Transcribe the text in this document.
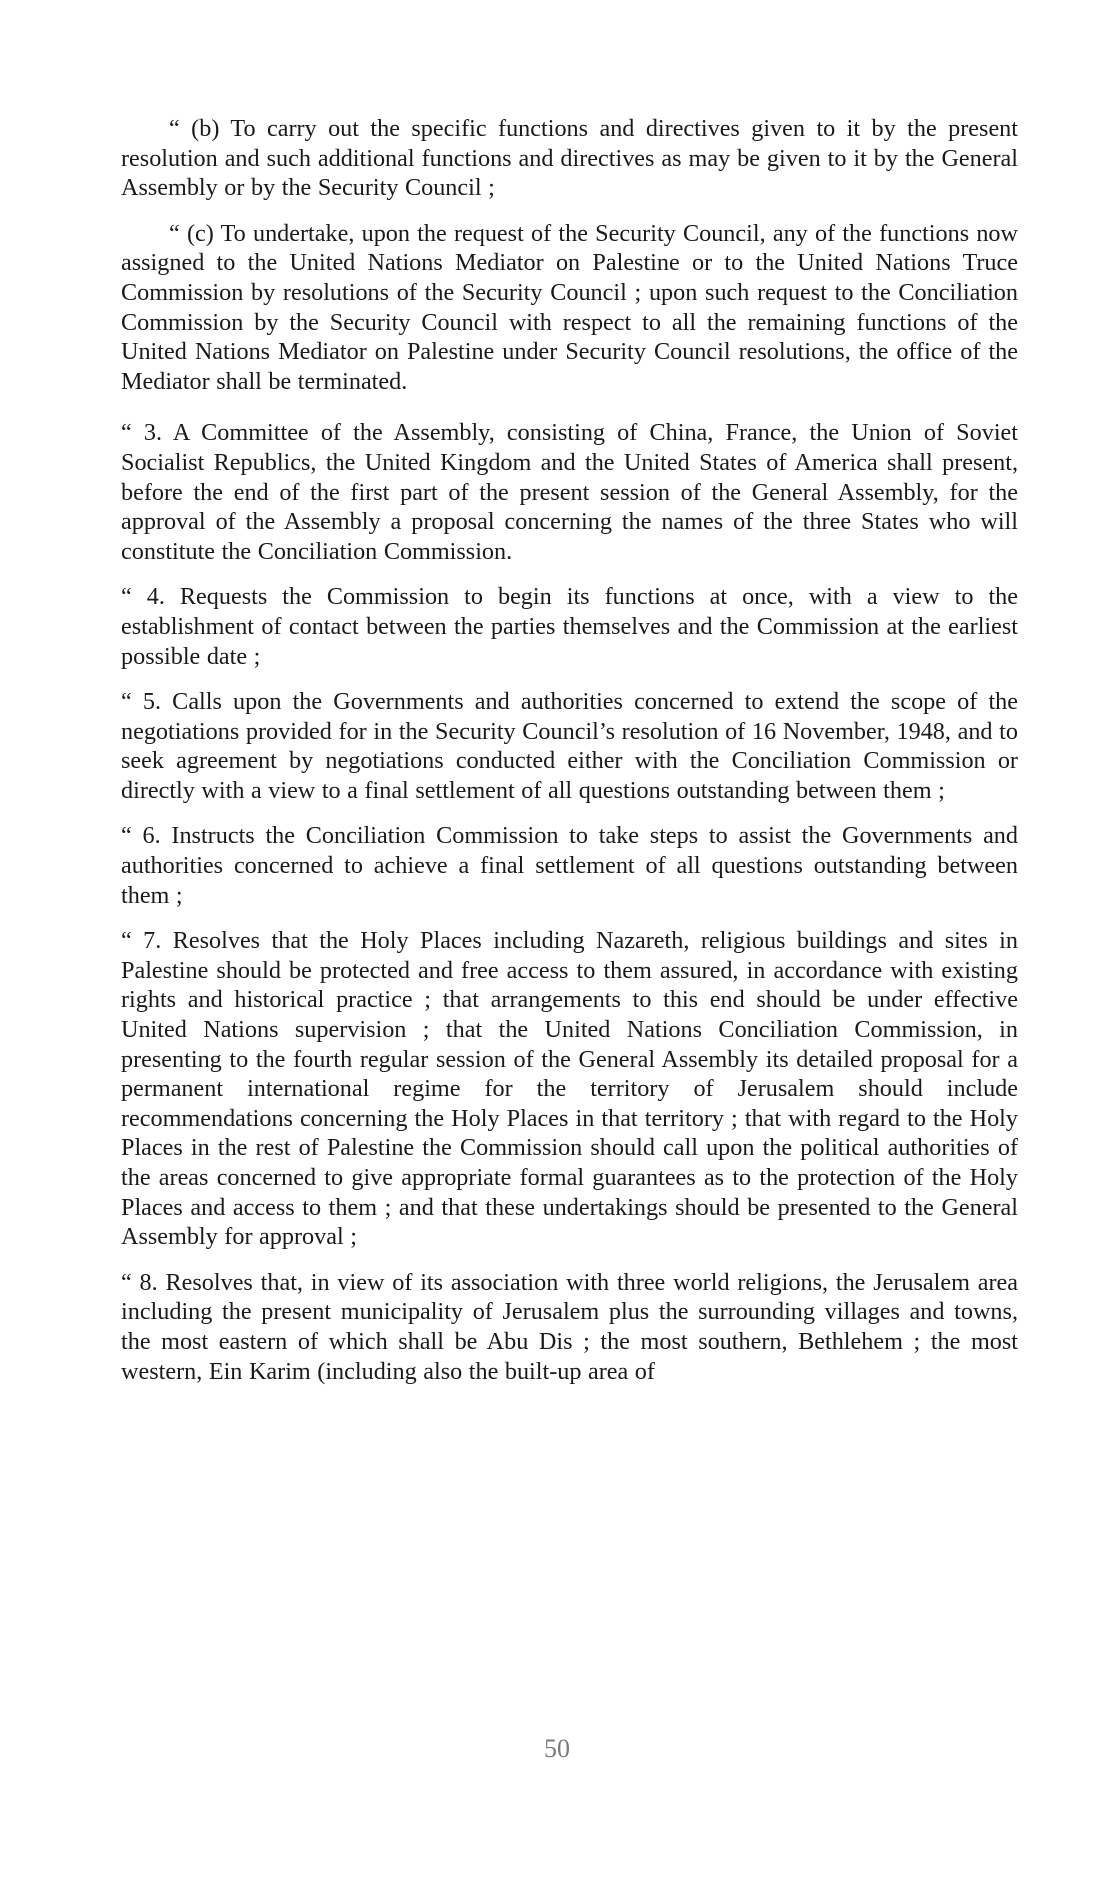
“ (b) To carry out the specific functions and directives given to it by the present resolution and such additional functions and directives as may be given to it by the General Assembly or by the Security Council ;

“ (c) To undertake, upon the request of the Security Council, any of the functions now assigned to the United Nations Mediator on Palestine or to the United Nations Truce Commission by resolutions of the Security Council ; upon such request to the Conciliation Commission by the Security Council with respect to all the remaining functions of the United Nations Mediator on Palestine under Security Council resolutions, the office of the Mediator shall be terminated.

“ 3. A Committee of the Assembly, consisting of China, France, the Union of Soviet Socialist Republics, the United Kingdom and the United States of America shall present, before the end of the first part of the present session of the General Assembly, for the approval of the Assembly a proposal concerning the names of the three States who will constitute the Conciliation Commission.

“ 4. Requests the Commission to begin its functions at once, with a view to the establishment of contact between the parties themselves and the Commission at the earliest possible date ;

“ 5. Calls upon the Governments and authorities concerned to extend the scope of the negotiations provided for in the Security Council’s resolution of 16 November, 1948, and to seek agreement by negotiations conducted either with the Conciliation Commission or directly with a view to a final settlement of all questions outstanding between them ;

“ 6. Instructs the Conciliation Commission to take steps to assist the Governments and authorities concerned to achieve a final settlement of all questions outstanding between them ;

“ 7. Resolves that the Holy Places including Nazareth, religious buildings and sites in Palestine should be protected and free access to them assured, in accordance with existing rights and historical practice ; that arrangements to this end should be under effective United Nations supervision ; that the United Nations Conciliation Commission, in presenting to the fourth regular session of the General Assembly its detailed proposal for a permanent international regime for the territory of Jerusalem should include recommendations concerning the Holy Places in that territory ; that with regard to the Holy Places in the rest of Palestine the Commission should call upon the political authorities of the areas concerned to give appropriate formal guarantees as to the protection of the Holy Places and access to them ; and that these undertakings should be presented to the General Assembly for approval ;

“ 8. Resolves that, in view of its association with three world religions, the Jerusalem area including the present municipality of Jerusalem plus the surrounding villages and towns, the most eastern of which shall be Abu Dis ; the most southern, Bethlehem ; the most western, Ein Karim (including also the built-up area of

50
